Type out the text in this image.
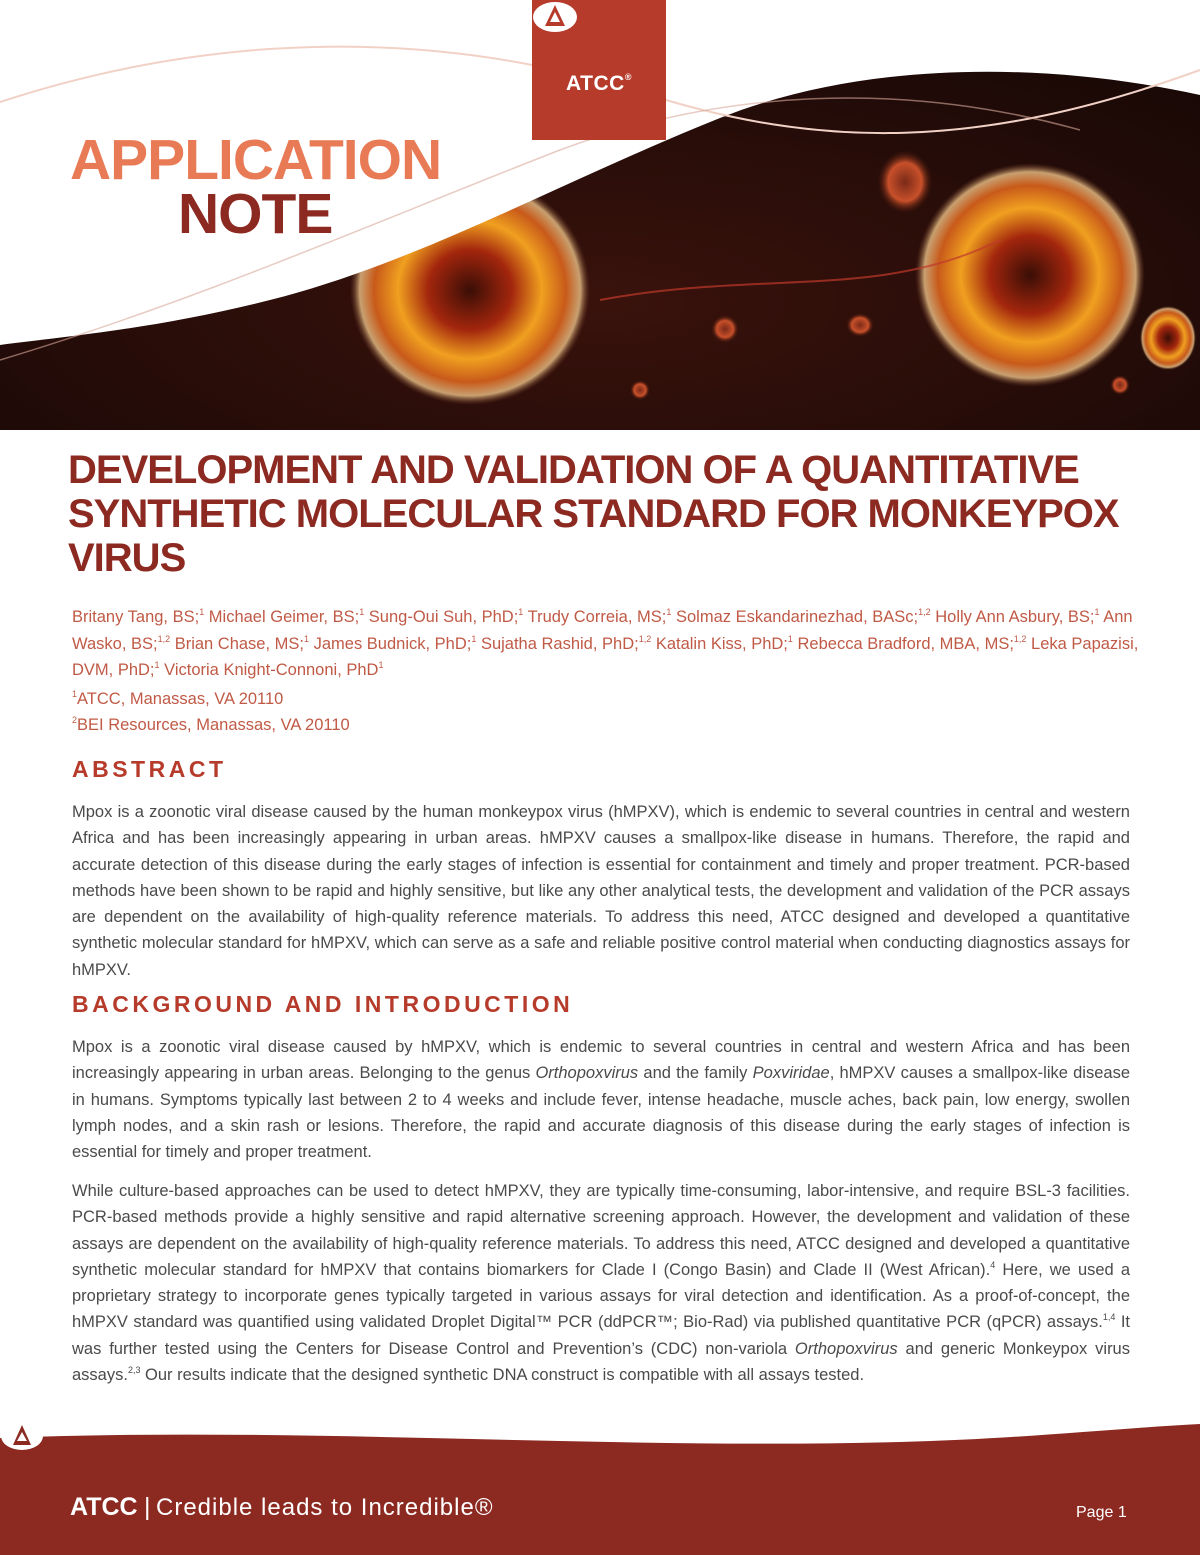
ATCC®
APPLICATION
NOTE
DEVELOPMENT AND VALIDATION OF A QUANTITATIVE SYNTHETIC MOLECULAR STANDARD FOR MONKEYPOX VIRUS

Britany Tang, BS;$^1$ Michael Geimer, BS;$^1$ Sung-Oui Suh, PhD;$^1$ Trudy Correia, MS;$^1$ Solmaz Eskandarinezhad, BASc;$^{1,2}$ Holly Ann Asbury, BS;$^1$ Ann Wasko, BS;$^{1,2}$ Brian Chase, MS;$^1$ James Budnick, PhD;$^1$ Sujatha Rashid, PhD;$^{1,2}$ Katalin Kiss, PhD;$^1$ Rebecca Bradford, MBA, MS;$^{1,2}$ Leka Papazisi, DVM, PhD;$^1$ Victoria Knight-Connoni, PhD$^1$

$^1$ATCC, Manassas, VA 20110

$^2$BEI Resources, Manassas, VA 20110

ABSTRACT

Mpox is a zoonotic viral disease caused by the human monkeypox virus (hMPXV), which is endemic to several countries in central and western Africa and has been increasingly appearing in urban areas. hMPXV causes a smallpox-like disease in humans. Therefore, the rapid and accurate detection of this disease during the early stages of infection is essential for containment and timely and proper treatment. PCR-based methods have been shown to be rapid and highly sensitive, but like any other analytical tests, the development and validation of the PCR assays are dependent on the availability of high-quality reference materials. To address this need, ATCC designed and developed a quantitative synthetic molecular standard for hMPXV, which can serve as a safe and reliable positive control material when conducting diagnostics assays for hMPXV.

BACKGROUND AND INTRODUCTION

Mpox is a zoonotic viral disease caused by hMPXV, which is endemic to several countries in central and western Africa and has been increasingly appearing in urban areas. Belonging to the genus Orthopoxvirus and the family Poxviridae, hMPXV causes a smallpox-like disease in humans. Symptoms typically last between 2 to 4 weeks and include fever, intense headache, muscle aches, back pain, low energy, swollen lymph nodes, and a skin rash or lesions. Therefore, the rapid and accurate diagnosis of this disease during the early stages of infection is essential for timely and proper treatment.

While culture-based approaches can be used to detect hMPXV, they are typically time-consuming, labor-intensive, and require BSL-3 facilities. PCR-based methods provide a highly sensitive and rapid alternative screening approach. However, the development and validation of these assays are dependent on the availability of high-quality reference materials. To address this need, ATCC designed and developed a quantitative synthetic molecular standard for hMPXV that contains biomarkers for Clade I (Congo Basin) and Clade II (West African).$^4$ Here, we used a proprietary strategy to incorporate genes typically targeted in various assays for viral detection and identification. As a proof-of-concept, the hMPXV standard was quantified using validated Droplet Digital™ PCR (ddPCR™; Bio-Rad) via published quantitative PCR (qPCR) assays.$^{1,4}$ It was further tested using the Centers for Disease Control and Prevention’s (CDC) non-variola Orthopoxvirus and generic Monkeypox virus assays.$^{2,3}$ Our results indicate that the designed synthetic DNA construct is compatible with all assays tested.

ATCC | Credible leads to Incredible®	Page 1
